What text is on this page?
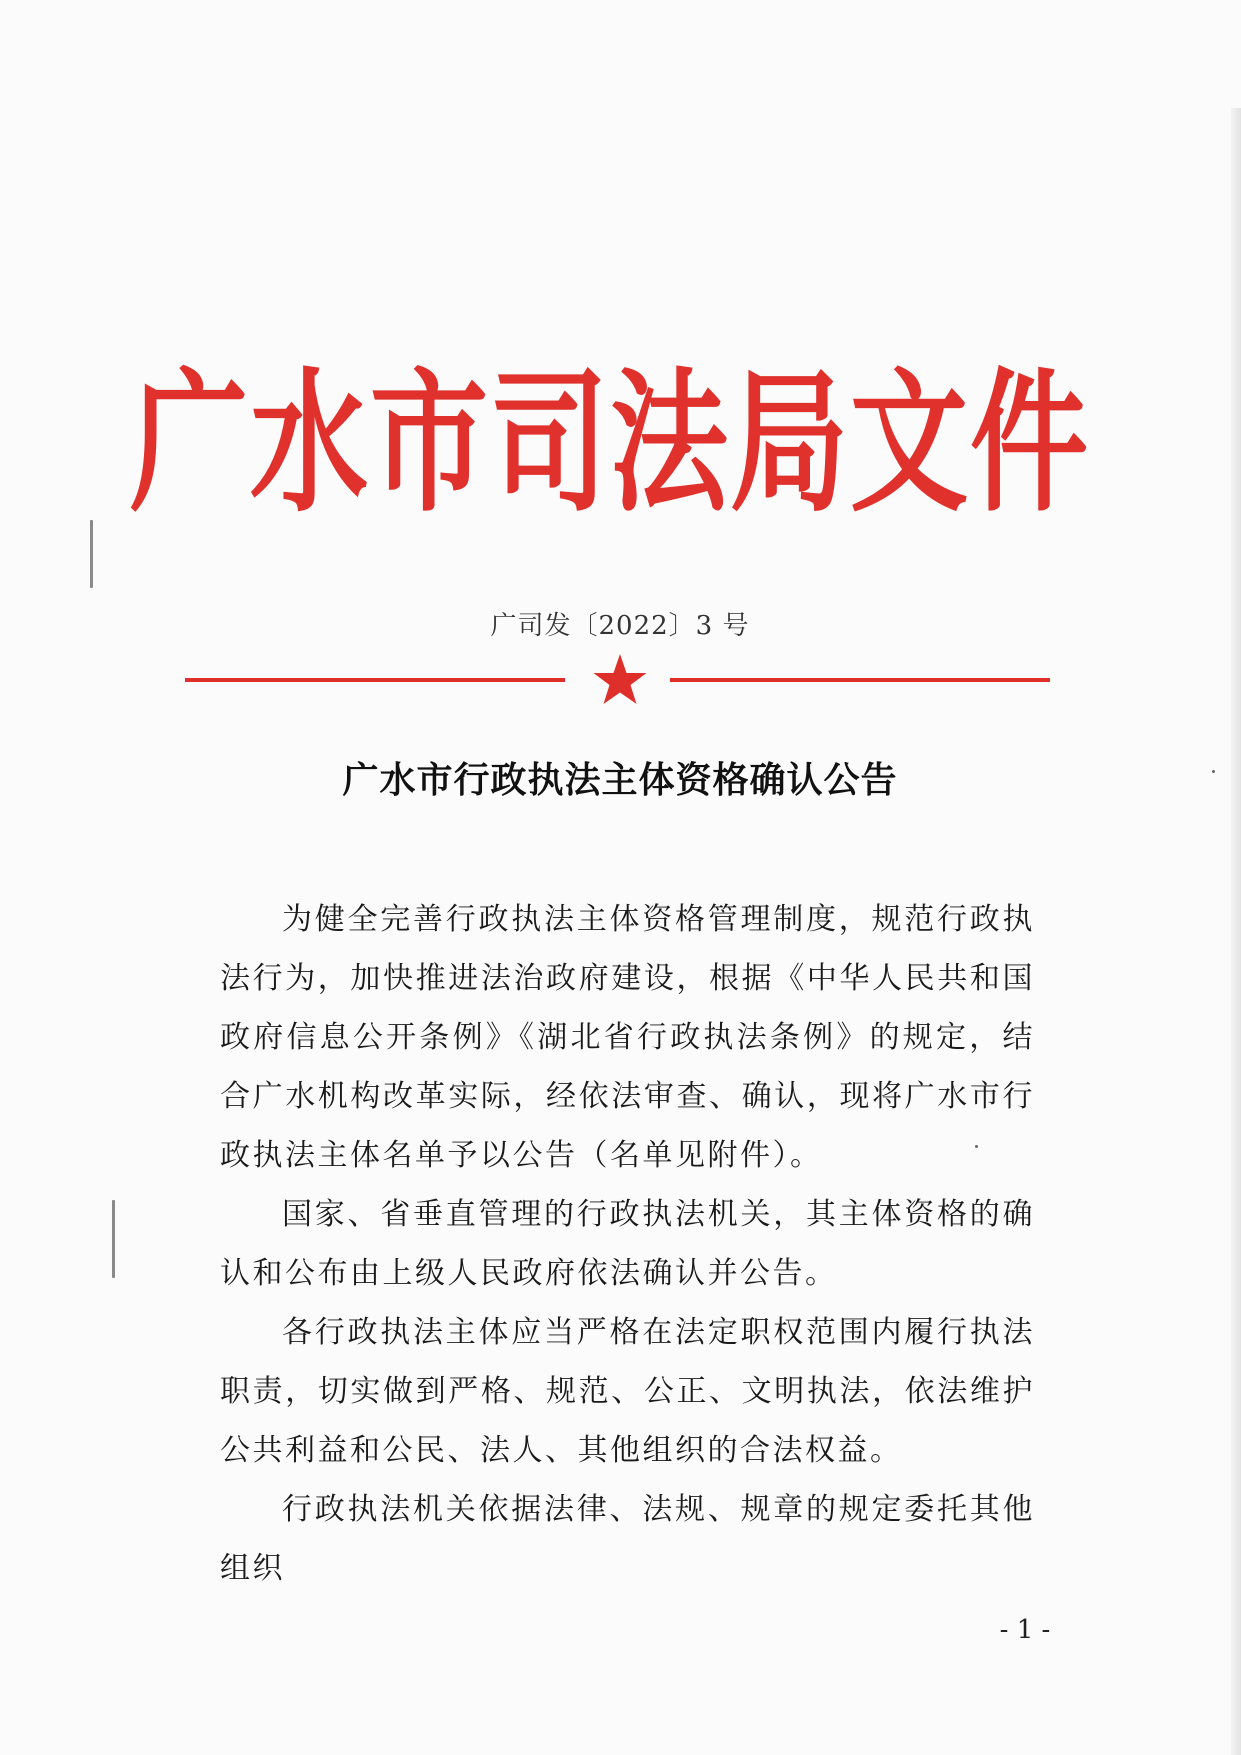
广水市司法局文件
广司发〔2022〕3 号
广水市行政执法主体资格确认公告

为健全完善行政执法主体资格管理制度，规范行政执法行为，加快推进法治政府建设，根据《中华人民共和国政府信息公开条例》《湖北省行政执法条例》的规定，结合广水机构改革实际，经依法审查、确认，现将广水市行政执法主体名单予以公告（名单见附件）。

国家、省垂直管理的行政执法机关，其主体资格的确认和公布由上级人民政府依法确认并公告。

各行政执法主体应当严格在法定职权范围内履行执法职责，切实做到严格、规范、公正、文明执法，依法维护公共利益和公民、法人、其他组织的合法权益。

行政执法机关依据法律、法规、规章的规定委托其他组织

- 1 -
